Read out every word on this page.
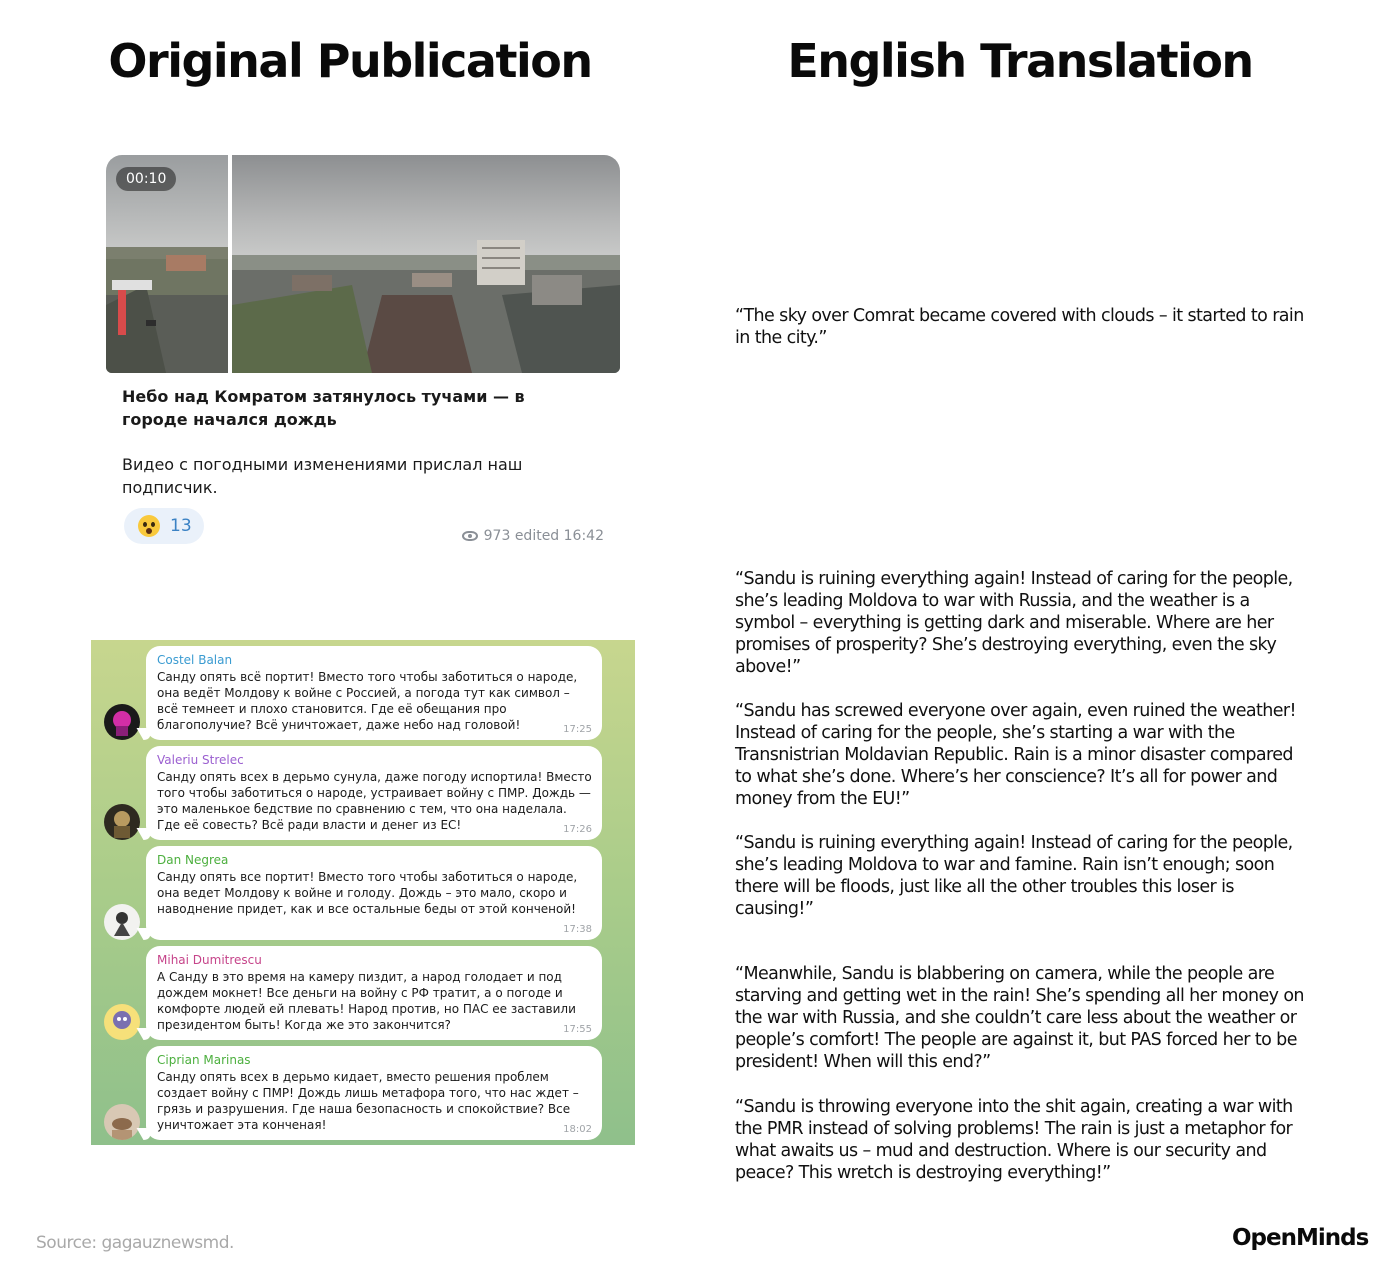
Original Publication	English Translation
00:10
Небо над Комратом затянулось тучами — в городе начался дождь
Видео с погодными изменениями прислал наш подписчик.
13	973 edited 16:42
Costel Balan
Санду опять всё портит! Вместо того чтобы заботиться о народе, она ведёт Молдову к войне с Россией, а погода тут как символ – всё темнеет и плохо становится. Где её обещания про благополучие? Всё уничтожает, даже небо над головой!	17:25
Valeriu Strelec
Санду опять всех в дерьмо сунула, даже погоду испортила! Вместо того чтобы заботиться о народе, устраивает войну с ПМР. Дождь — это маленькое бедствие по сравнению с тем, что она наделала. Где её совесть? Всё ради власти и денег из ЕС!	17:26
Dan Negrea
Санду опять все портит! Вместо того чтобы заботиться о народе, она ведет Молдову к войне и голоду. Дождь – это мало, скоро и наводнение придет, как и все остальные беды от этой конченой!
17:38
Mihai Dumitrescu
А Санду в это время на камеру пиздит, а народ голодает и под дождем мокнет! Все деньги на войну с РФ тратит, а о погоде и комфорте людей ей плевать! Народ против, но ПАС ее заставили президентом быть! Когда же это закончится?	17:55
Ciprian Marinas
Санду опять всех в дерьмо кидает, вместо решения проблем создает войну с ПМР! Дождь лишь метафора того, что нас ждет – грязь и разрушения. Где наша безопасность и спокойствие? Все уничтожает эта конченая!	18:02
“The sky over Comrat became covered with clouds – it started to rain in the city.”
“Sandu is ruining everything again! Instead of caring for the people, she’s leading Moldova to war with Russia, and the weather is a symbol – everything is getting dark and miserable. Where are her promises of prosperity? She’s destroying everything, even the sky above!”
“Sandu has screwed everyone over again, even ruined the weather! Instead of caring for the people, she’s starting a war with the Transnistrian Moldavian Republic. Rain is a minor disaster compared to what she’s done. Where’s her conscience? It’s all for power and money from the EU!”
“Sandu is ruining everything again! Instead of caring for the people, she’s leading Moldova to war and famine. Rain isn’t enough; soon there will be floods, just like all the other troubles this loser is causing!”
“Meanwhile, Sandu is blabbering on camera, while the people are starving and getting wet in the rain! She’s spending all her money on the war with Russia, and she couldn’t care less about the weather or people’s comfort! The people are against it, but PAS forced her to be president! When will this end?”
“Sandu is throwing everyone into the shit again, creating a war with the PMR instead of solving problems! The rain is just a metaphor for what awaits us – mud and destruction. Where is our security and peace? This wretch is destroying everything!”
Source: gagauznewsmd.	OpenMinds
